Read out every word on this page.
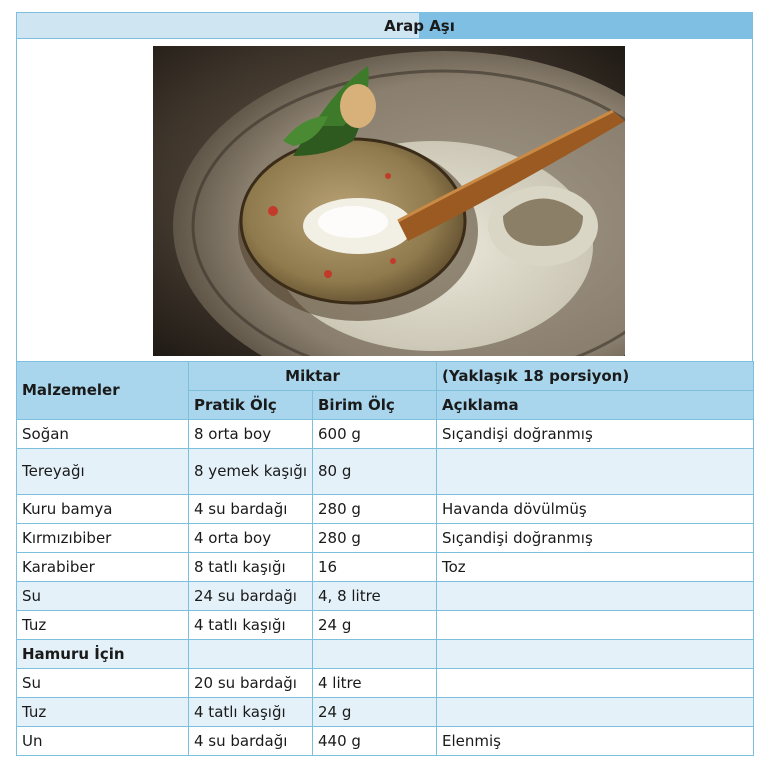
Arap Aşı
Malzemeler	Miktar		(Yaklaşık 18 porsiyon)
	Pratik Ölç	Birim Ölç	Açıklama
Soğan	8 orta boy	600 g	Sıçandişi doğranmış
Tereyağı	8 yemek kaşığı	80 g	
Kuru bamya	4 su bardağı	280 g	Havanda dövülmüş
Kırmızıbiber	4 orta boy	280 g	Sıçandişi doğranmış
Karabiber	8 tatlı kaşığı	16	Toz
Su	24 su bardağı	4, 8 litre	
Tuz	4 tatlı kaşığı	24 g	
Hamuru İçin			
Su	20 su bardağı	4 litre	
Tuz	4 tatlı kaşığı	24 g	
Un	4 su bardağı	440 g	Elenmiş
